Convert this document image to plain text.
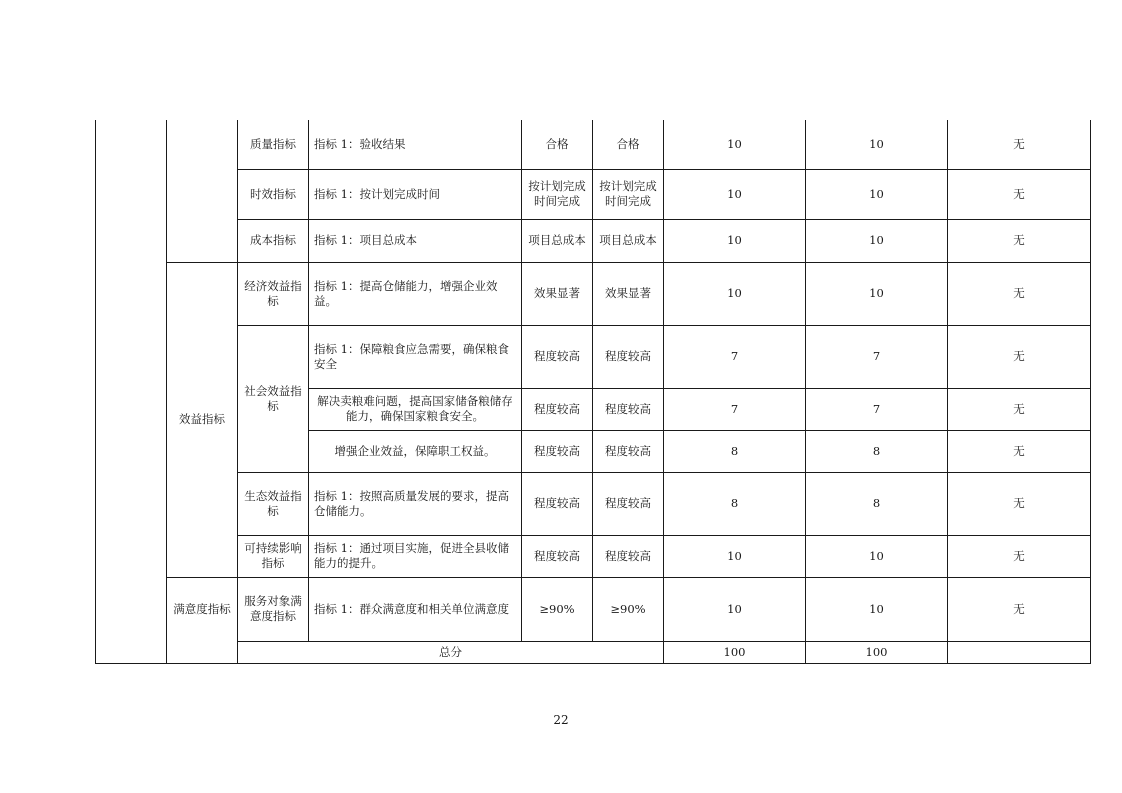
		质量指标	指标 1：验收结果	合格	合格	10	10	无
		时效指标	指标 1：按计划完成时间	按计划完成时间完成	按计划完成时间完成	10	10	无
		成本指标	指标 1：项目总成本	项目总成本	项目总成本	10	10	无
	效益指标	经济效益指标	指标 1：提高仓储能力，增强企业效益。	效果显著	效果显著	10	10	无
		社会效益指标	指标 1：保障粮食应急需要，确保粮食安全	程度较高	程度较高	7	7	无
			解决卖粮难问题，提高国家储备粮储存能力，确保国家粮食安全。	程度较高	程度较高	7	7	无
			增强企业效益，保障职工权益。	程度较高	程度较高	8	8	无
		生态效益指标	指标 1：按照高质量发展的要求，提高仓储能力。	程度较高	程度较高	8	8	无
		可持续影响指标	指标 1：通过项目实施，促进全县收储能力的提升。	程度较高	程度较高	10	10	无
	满意度指标	服务对象满意度指标	指标 1：群众满意度和相关单位满意度	≥90%	≥90%	10	10	无
		总分				100	100	
22
